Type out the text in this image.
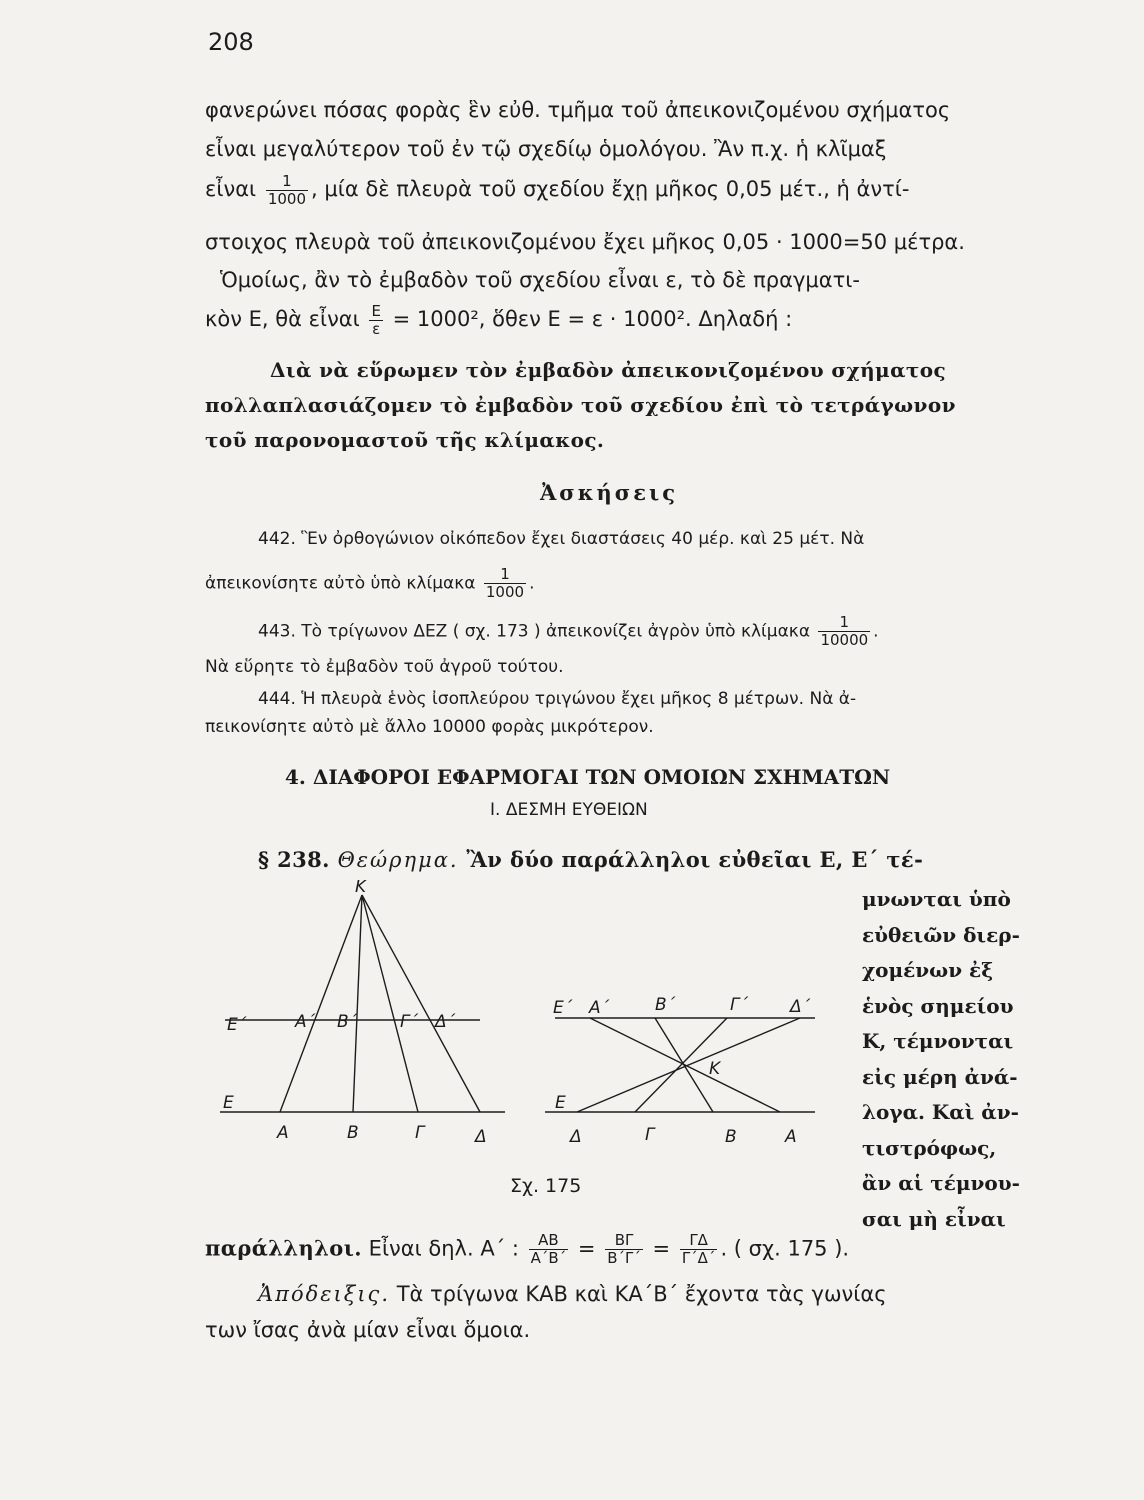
208
φανερώνει πόσας φορὰς ἓν εὐθ. τμῆμα τοῦ ἀπεικονιζομένου σχήματος
εἶναι μεγαλύτερον τοῦ ἐν τῷ σχεδίῳ ὁμολόγου. Ἂν π.χ. ἡ κλῖμαξ
εἶναι $\frac{1}{1000}$ , μία δὲ πλευρὰ τοῦ σχεδίου ἔχῃ μῆκος 0,05 μέτ., ἡ ἀντί-
στοιχος πλευρὰ τοῦ ἀπεικονιζομένου ἔχει μῆκος 0,05 · 1000=50 μέτρα.
Ὁμοίως, ἂν τὸ ἐμβαδὸν τοῦ σχεδίου εἶναι ε, τὸ δὲ πραγματι-
κὸν Ε, θὰ εἶναι $\frac{E}{\varepsilon} = 1000^2$, ὅθεν Ε = ε · 1000². Δηλαδή :
Διὰ νὰ εὕρωμεν τὸν ἐμβαδὸν ἀπεικονιζομένου σχήματος
πολλαπλασιάζομεν τὸ ἐμβαδὸν τοῦ σχεδίου ἐπὶ τὸ τετράγωνον
τοῦ παρονομαστοῦ τῆς κλίμακος.
Ἀσκήσεις
442. Ἓν ὀρθογώνιον οἰκόπεδον ἔχει διαστάσεις 40 μέρ. καὶ 25 μέτ. Νὰ
ἀπεικονίσητε αὐτὸ ὑπὸ κλίμακα $\frac{1}{1000}$ .
443. Τὸ τρίγωνον ΔΕΖ ( σχ. 173 ) ἀπεικονίζει ἀγρὸν ὑπὸ κλίμακα $\frac{1}{10000}$ .
Νὰ εὕρητε τὸ ἐμβαδὸν τοῦ ἀγροῦ τούτου.
444. Ἡ πλευρὰ ἑνὸς ἰσοπλεύρου τριγώνου ἔχει μῆκος 8 μέτρων. Νὰ ἀ-
πεικονίσητε αὐτὸ μὲ ἄλλο 10000 φορὰς μικρότερον.
4. ΔΙΑΦΟΡΟΙ ΕΦΑΡΜΟΓΑΙ ΤΩΝ ΟΜΟΙΩΝ ΣΧΗΜΑΤΩΝ
I. ΔΕΣΜΗ ΕΥΘΕΙΩΝ
§ 238. Θεώρημα. Ἂν δύο παράλληλοι εὐθεῖαι Ε, Ε΄ τέ-
μνωνται ὑπὸ
εὐθειῶν διερ-
χομένων ἐξ
ἑνὸς σημείου
Κ, τέμνονται
εἰς μέρη ἀνά-
λογα. Καὶ ἀν-
τιστρόφως,
ἂν αἱ τέμνου-
σαι μὴ εἶναι
K
E΄	A΄ B΄	Γ΄ Δ΄
E
A	B	Γ	Δ
E΄ A΄	B΄	Γ΄ Δ΄
K
E
Δ	Γ	B	A
Σχ. 175
παράλληλοι. Εἶναι δηλ. Α΄ : $\frac{AB}{A΄B΄} = \frac{B\Gamma}{B΄\Gamma΄} = \frac{\Gamma\Delta}{\Gamma΄\Delta΄}$ . ( σχ. 175 ).
Ἀπόδειξις. Τὰ τρίγωνα ΚΑΒ καὶ ΚΑ΄Β΄ ἔχοντα τὰς γωνίας
των ἴσας ἀνὰ μίαν εἶναι ὅμοια.
